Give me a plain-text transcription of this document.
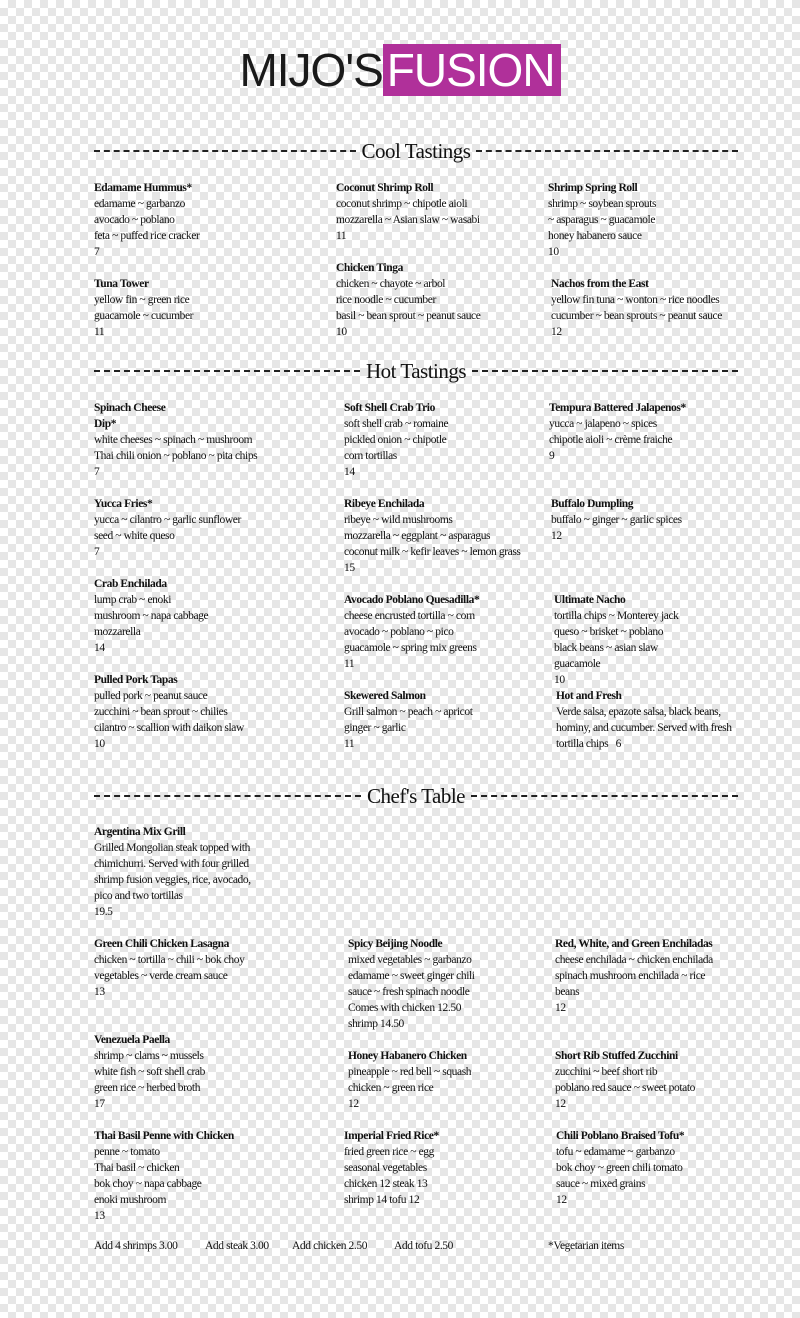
MIJO'SFUSION
Cool Tastings
Hot Tastings
Chef's Table
Edamame Hummus*
edamame ~ garbanzo
avocado ~ poblano
feta ~ puffed rice cracker
7
Coconut Shrimp Roll
coconut shrimp ~ chipotle aioli
mozzarella ~ Asian slaw ~ wasabi
11
Shrimp Spring Roll
shrimp ~ soybean sprouts
~ asparagus ~ guacamole
honey habanero sauce
10
Tuna Tower
yellow fin ~ green rice
guacamole ~ cucumber
11
Chicken Tinga
chicken ~ chayote ~ arbol
rice noodle ~ cucumber
basil ~ bean sprout ~ peanut sauce
10
Nachos from the East
yellow fin tuna ~ wonton ~ rice noodles
cucumber ~ bean sprouts ~ peanut sauce
12
Spinach Cheese Dip*
white cheeses ~ spinach ~ mushroom
Thai chili onion ~ poblano ~ pita chips
7
Soft Shell Crab Trio
soft shell crab ~ romaine
pickled onion ~ chipotle
corn tortillas
14
Tempura Battered Jalapenos*
yucca ~ jalapeno ~ spices
chipotle aioli ~ crème fraiche
9
Yucca Fries*
yucca ~ cilantro ~ garlic sunflower
seed ~ white queso
7
Ribeye Enchilada
ribeye ~ wild mushrooms
mozzarella ~ eggplant ~ asparagus
coconut milk ~ kefir leaves ~ lemon grass
15
Buffalo Dumpling
buffalo ~ ginger ~ garlic spices
12
Crab Enchilada
lump crab ~ enoki
mushroom ~ napa cabbage
mozzarella
14
Avocado Poblano Quesadilla*
cheese encrusted tortilla ~ corn
avocado ~ poblano ~ pico
guacamole ~ spring mix greens
11
Ultimate Nacho
tortilla chips ~ Monterey jack
queso ~ brisket ~ poblano
black beans ~ asian slaw
guacamole
10
Pulled Pork Tapas
pulled pork ~ peanut sauce
zucchini ~ bean sprout ~ chilies
cilantro ~ scallion with daikon slaw
10
Skewered Salmon
Grill salmon ~ peach ~ apricot
ginger ~ garlic
11
Hot and Fresh
Verde salsa, epazote salsa, black beans, hominy, and cucumber. Served with fresh tortilla chips   6
Argentina Mix Grill
Grilled Mongolian steak topped with chimichurri. Served with four grilled shrimp fusion veggies, rice, avocado, pico and two tortillas
19.5
Green Chili Chicken Lasagna
chicken ~ tortilla ~ chili ~ bok choy
vegetables ~ verde cream sauce
13
Spicy Beijing Noodle
mixed vegetables ~ garbanzo
edamame ~ sweet ginger chili
sauce ~ fresh spinach noodle
Comes with chicken 12.50
shrimp 14.50
Red, White, and Green Enchiladas
cheese enchilada ~ chicken enchilada
spinach mushroom enchilada ~ rice
beans
12
Venezuela Paella
shrimp ~ clams ~ mussels
white fish ~ soft shell crab
green rice ~ herbed broth
17
Honey Habanero Chicken
pineapple ~ red bell ~ squash
chicken ~ green rice
12
Short Rib Stuffed Zucchini
zucchini ~ beef short rib
poblano red sauce ~ sweet potato
12
Thai Basil Penne with Chicken
penne ~ tomato
Thai basil ~ chicken
bok choy ~ napa cabbage
enoki mushroom
13
Imperial Fried Rice*
fried green rice ~ egg
seasonal vegetables
chicken 12 steak 13
shrimp 14 tofu 12
Chili Poblano Braised Tofu*
tofu ~ edamame ~ garbanzo
bok choy ~ green chili tomato
sauce ~ mixed grains
12
Add 4 shrimps 3.00 Add steak 3.00 Add chicken 2.50 Add tofu 2.50	*Vegetarian items
